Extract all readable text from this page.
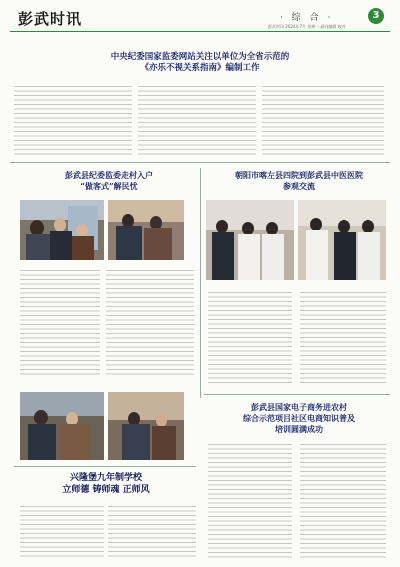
彭武时讯	· 综 合 ·	3
彭武时讯 2024年7月 星期一 副刊编辑 校对
中央纪委国家监委网站关注以单位为全省示范的
《亦乐不视关系指南》编制工作
彭武县纪委监委走村入户
“做客式”解民忧
朝阳市喀左县四院到彭武县中医医院
参观交流
彭武县国家电子商务进农村
综合示范项目社区电商知识普及
培训圆满成功
兴隆堡九年制学校
立师德 铸师魂 正师风
